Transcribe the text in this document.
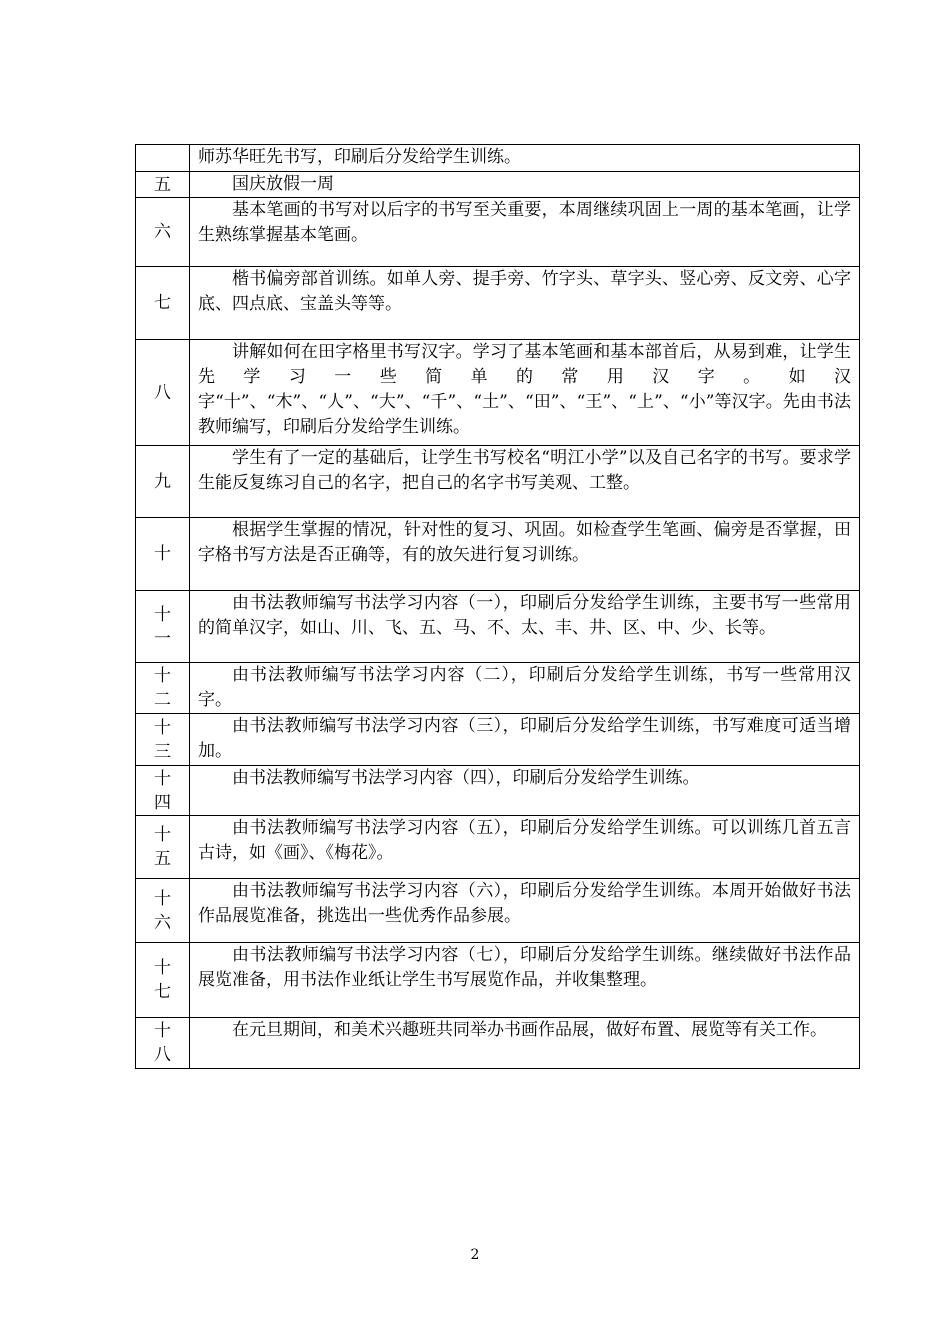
	师苏华旺先书写，印刷后分发给学生训练。

五	国庆放假一周

六	基本笔画的书写对以后字的书写至关重要，本周继续巩固上一周的基本笔画，让学生熟练掌握基本笔画。

七	楷书偏旁部首训练。如单人旁、提手旁、竹字头、草字头、竖心旁、反文旁、心字底、四点底、宝盖头等等。

八	讲解如何在田字格里书写汉字。学习了基本笔画和基本部首后，从易到难，让学生先学习一些简单的常用汉字。如汉字“十”、“木”、“人”、“大”、“千”、“土”、“田”、“王”、“上”、“小”等汉字。先由书法教师编写，印刷后分发给学生训练。

九	学生有了一定的基础后，让学生书写校名“明江小学”以及自己名字的书写。要求学生能反复练习自己的名字，把自己的名字书写美观、工整。

十	根据学生掌握的情况，针对性的复习、巩固。如检查学生笔画、偏旁是否掌握，田字格书写方法是否正确等，有的放矢进行复习训练。

十一	由书法教师编写书法学习内容（一），印刷后分发给学生训练，主要书写一些常用的简单汉字，如山、川、飞、五、马、不、太、丰、井、区、中、少、长等。

十二	由书法教师编写书法学习内容（二），印刷后分发给学生训练，书写一些常用汉字。

十三	由书法教师编写书法学习内容（三），印刷后分发给学生训练，书写难度可适当增加。

十四	由书法教师编写书法学习内容（四），印刷后分发给学生训练。

十五	由书法教师编写书法学习内容（五），印刷后分发给学生训练。可以训练几首五言古诗，如《画》、《梅花》。

十六	由书法教师编写书法学习内容（六），印刷后分发给学生训练。本周开始做好书法作品展览准备，挑选出一些优秀作品参展。

十七	由书法教师编写书法学习内容（七），印刷后分发给学生训练。继续做好书法作品展览准备，用书法作业纸让学生书写展览作品，并收集整理。

十八	在元旦期间，和美术兴趣班共同举办书画作品展，做好布置、展览等有关工作。
2
